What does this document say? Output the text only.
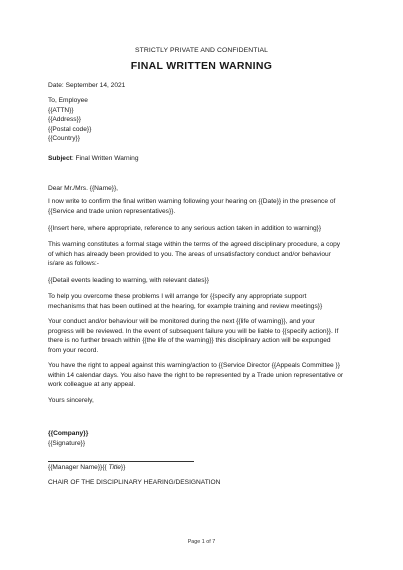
STRICTLY PRIVATE AND CONFIDENTIAL
FINAL WRITTEN WARNING
Date: September 14, 2021
To, Employee
{{ATTN}}
{{Address}}
{{Postal code}}
{{Country}}
Subject: Final Written Warning
Dear Mr./Mrs. {{Name}},
I now write to confirm the final written warning following your hearing on {{Date}} in the presence of
{{Service and trade union representatives}}.
{{Insert here, where appropriate, reference to any serious action taken in addition to warning}}
This warning constitutes a formal stage within the terms of the agreed disciplinary procedure, a copy
of which has already been provided to you. The areas of unsatisfactory conduct and/or behaviour
is/are as follows:-
{{Detail events leading to warning, with relevant dates}}
To help you overcome these problems I will arrange for {{specify any appropriate support
mechanisms that has been outlined at the hearing, for example training and review meetings}}
Your conduct and/or behaviour will be monitored during the next {{life of warning}}, and your
progress will be reviewed. In the event of subsequent failure you will be liable to {{specify action}}. If
there is no further breach within {{the life of the warning}} this disciplinary action will be expunged
from your record.
You have the right to appeal against this warning/action to {{Service Director {{Appeals Committee }}
within 14 calendar days. You also have the right to be represented by a Trade union representative or
work colleague at any appeal.
Yours sincerely,
{{Company}}
{{Signature}}
{{Manager Name}}{{ Title}}
CHAIR OF THE DISCIPLINARY HEARING/DESIGNATION
Page 1 of 7
